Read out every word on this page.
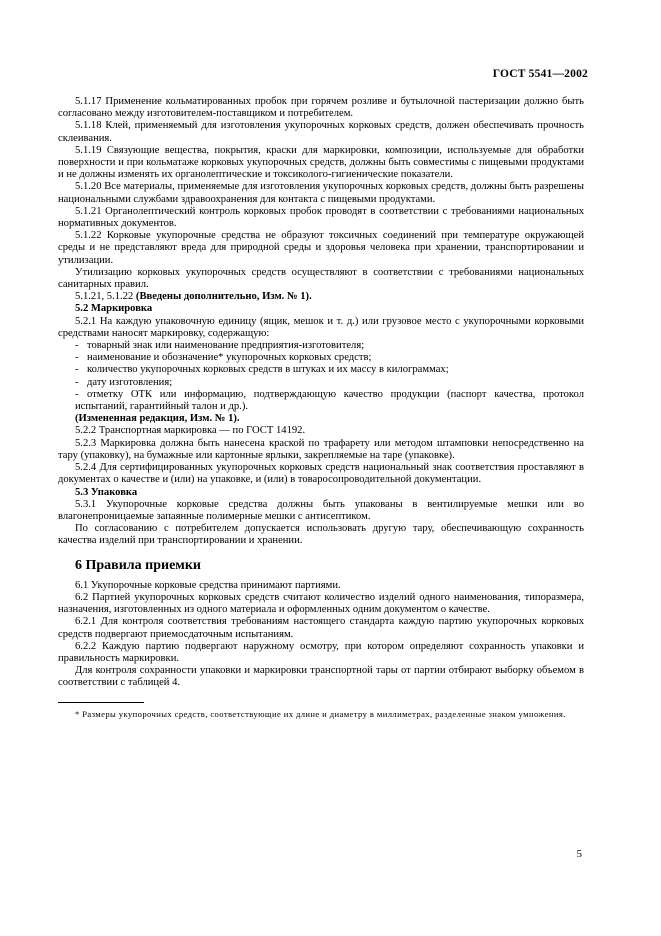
ГОСТ 5541—2002

5.1.17 Применение кольматированных пробок при горячем розливе и бутылочной пастеризации должно быть согласовано между изготовителем-поставщиком и потребителем.

5.1.18 Клей, применяемый для изготовления укупорочных корковых средств, должен обеспечивать прочность склеивания.

5.1.19 Связующие вещества, покрытия, краски для маркировки, композиции, используемые для обработки поверхности и при кольматаже корковых укупорочных средств, должны быть совместимы с пищевыми продуктами и не должны изменять их органолептические и токсиколого-гигиенические показатели.

5.1.20 Все материалы, применяемые для изготовления укупорочных корковых средств, должны быть разрешены национальными службами здравоохранения для контакта с пищевыми продуктами.

5.1.21 Органолептический контроль корковых пробок проводят в соответствии с требованиями национальных нормативных документов.

5.1.22 Корковые укупорочные средства не образуют токсичных соединений при температуре окружающей среды и не представляют вреда для природной среды и здоровья человека при хранении, транспортировании и утилизации.

Утилизацию корковых укупорочных средств осуществляют в соответствии с требованиями национальных санитарных правил.

5.1.21, 5.1.22 (Введены дополнительно, Изм. № 1).

5.2 Маркировка

5.2.1 На каждую упаковочную единицу (ящик, мешок и т. д.) или грузовое место с укупорочными корковыми средствами наносят маркировку, содержащую:

- товарный знак или наименование предприятия-изготовителя;

- наименование и обозначение* укупорочных корковых средств;

- количество укупорочных корковых средств в штуках и их массу в килограммах;

- дату изготовления;

- отметку ОТК или информацию, подтверждающую качество продукции (паспорт качества, протокол испытаний, гарантийный талон и др.).

(Измененная редакция, Изм. № 1).

5.2.2 Транспортная маркировка — по ГОСТ 14192.

5.2.3 Маркировка должна быть нанесена краской по трафарету или методом штамповки непосредственно на тару (упаковку), на бумажные или картонные ярлыки, закрепляемые на таре (упаковке).

5.2.4 Для сертифицированных укупорочных корковых средств национальный знак соответствия проставляют в документах о качестве и (или) на упаковке, и (или) в товаросопроводительной документации.

5.3 Упаковка

5.3.1 Укупорочные корковые средства должны быть упакованы в вентилируемые мешки или во влагонепроницаемые запаянные полимерные мешки с антисептиком.

По согласованию с потребителем допускается использовать другую тару, обеспечивающую сохранность качества изделий при транспортировании и хранении.

6 Правила приемки

6.1 Укупорочные корковые средства принимают партиями.

6.2 Партией укупорочных корковых средств считают количество изделий одного наименования, типоразмера, назначения, изготовленных из одного материала и оформленных одним документом о качестве.

6.2.1 Для контроля соответствия требованиям настоящего стандарта каждую партию укупорочных корковых средств подвергают приемосдаточным испытаниям.

6.2.2 Каждую партию подвергают наружному осмотру, при котором определяют сохранность упаковки и правильность маркировки.

Для контроля сохранности упаковки и маркировки транспортной тары от партии отбирают выборку объемом в соответствии с таблицей 4.

* Размеры укупорочных средств, соответствующие их длине и диаметру в миллиметрах, разделенные знаком умножения.

5
